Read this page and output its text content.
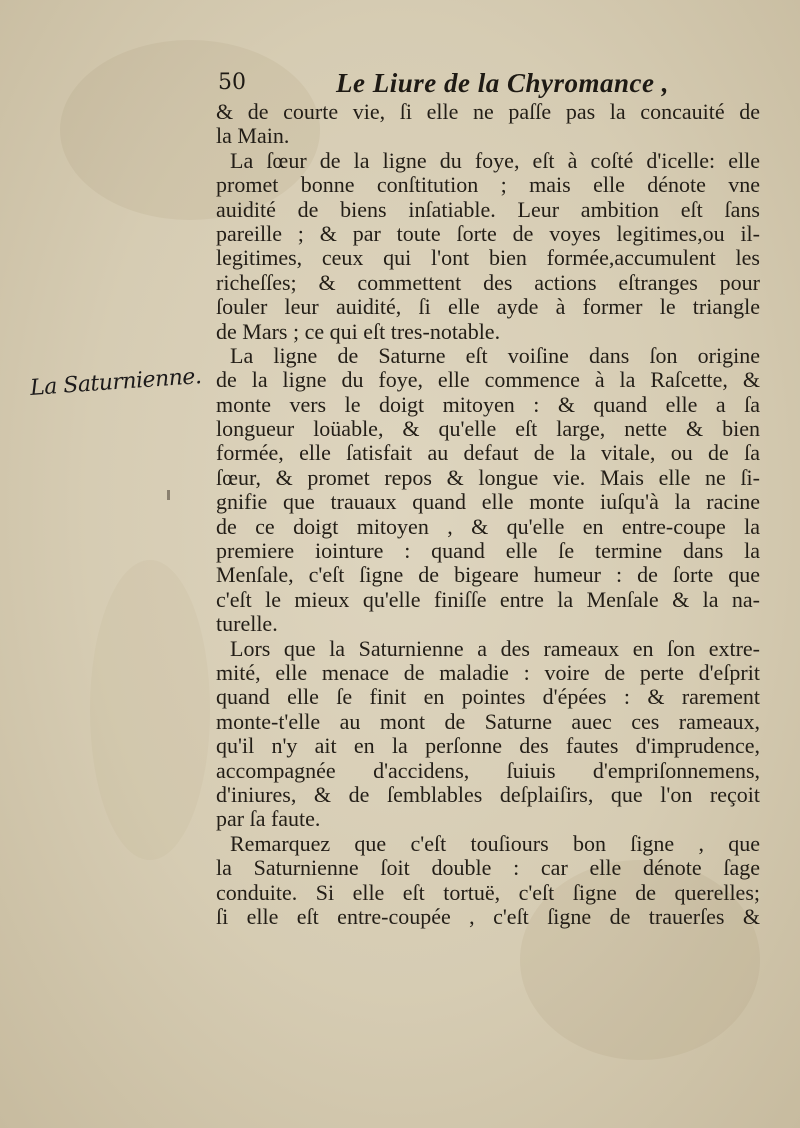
50	Le Liure de la Chyromance ,
La Saturnienne.
& de courte vie, ſi elle ne paſſe pas la concauité de
la Main.
La ſœur de la ligne du foye, eſt à coſté d'icelle: elle
promet bonne conſtitution ; mais elle dénote vne
auidité de biens inſatiable. Leur ambition eſt ſans
pareille ; & par toute ſorte de voyes legitimes,ou il-
legitimes, ceux qui l'ont bien formée,accumulent les
richeſſes; & commettent des actions eſtranges pour
ſouler leur auidité, ſi elle ayde à former le triangle
de Mars ; ce qui eſt tres-notable.
La ligne de Saturne eſt voiſine dans ſon origine
de la ligne du foye, elle commence à la Raſcette, &
monte vers le doigt mitoyen : & quand elle a ſa
longueur loüable, & qu'elle eſt large, nette & bien
formée, elle ſatisfait au defaut de la vitale, ou de ſa
ſœur, & promet repos & longue vie. Mais elle ne ſi-
gnifie que trauaux quand elle monte iuſqu'à la racine
de ce doigt mitoyen , & qu'elle en entre-coupe la
premiere iointure : quand elle ſe termine dans la
Menſale, c'eſt ſigne de bigeare humeur : de ſorte que
c'eſt le mieux qu'elle finiſſe entre la Menſale & la na-
turelle.
Lors que la Saturnienne a des rameaux en ſon extre-
mité, elle menace de maladie : voire de perte d'eſprit
quand elle ſe finit en pointes d'épées : & rarement
monte-t'elle au mont de Saturne auec ces rameaux,
qu'il n'y ait en la perſonne des fautes d'imprudence,
accompagnée d'accidens, ſuiuis d'empriſonnemens,
d'iniures, & de ſemblables deſplaiſirs, que l'on reçoit
par ſa faute.
Remarquez que c'eſt touſiours bon ſigne , que
la Saturnienne ſoit double : car elle dénote ſage
conduite. Si elle eſt tortuë, c'eſt ſigne de querelles;
ſi elle eſt entre-coupée , c'eſt ſigne de trauerſes &
